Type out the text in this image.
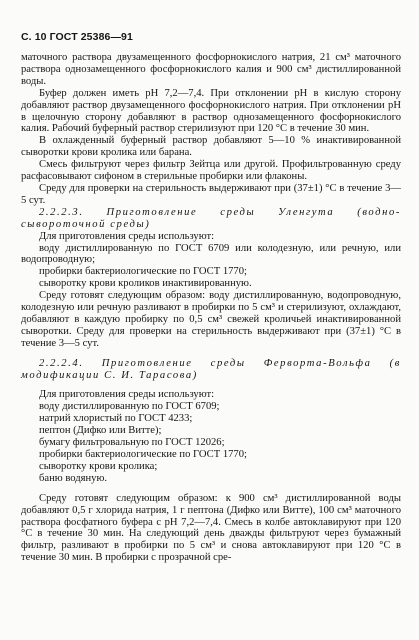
С. 10 ГОСТ 25386—91

маточного раствора двузамещенного фосфорнокислого натрия, 21 см³ маточного раствора однозамещенного фосфорнокислого калия и 900 см³ дистиллированной воды.

Буфер должен иметь рН 7,2—7,4. При отклонении рН в кислую сторону добавляют раствор двузамещенного фосфорнокислого натрия. При отклонении рН в щелочную сторону добавляют в раствор однозамещенного фосфорнокислого калия. Рабочий буферный раствор стерилизуют при 120 °С в течение 30 мин.

В охлажденный буферный раствор добавляют 5—10 % инактивированной сыворотки крови кролика или барана.

Смесь фильтруют через фильтр Зейтца или другой. Профильтрованную среду расфасовывают сифоном в стерильные пробирки или флаконы.

Среду для проверки на стерильность выдерживают при (37±1) °С в течение 3—5 сут.

2.2.2.3. Приготовление среды Уленгута (водно-сывороточной среды)

Для приготовления среды используют:

воду дистиллированную по ГОСТ 6709 или колодезную, или речную, или водопроводную;

пробирки бактериологические по ГОСТ 1770;

сыворотку крови кроликов инактивированную.

Среду готовят следующим образом: воду дистиллированную, водопроводную, колодезную или речную разливают в пробирки по 5 см³ и стерилизуют, охлаждают, добавляют в каждую пробирку по 0,5 см³ свежей кроличьей инактивированной сыворотки. Среду для проверки на стерильность выдерживают при (37±1) °С в течение 3—5 сут.

2.2.2.4. Приготовление среды Ферворта-Вольфа (в модификации С. И. Тарасова)

Для приготовления среды используют:

воду дистиллированную по ГОСТ 6709;

натрий хлористый по ГОСТ 4233;

пептон (Дифко или Витте);

бумагу фильтровальную по ГОСТ 12026;

пробирки бактериологические по ГОСТ 1770;

сыворотку крови кролика;

баню водяную.

Среду готовят следующим образом: к 900 см³ дистиллированной воды добавляют 0,5 г хлорида натрия, 1 г пептона (Дифко или Витте), 100 см³ маточного раствора фосфатного буфера с рН 7,2—7,4. Смесь в колбе автоклавируют при 120 °С в течение 30 мин. На следующий день дважды фильтруют через бумажный фильтр, разливают в пробирки по 5 см³ и снова автоклавируют при 120 °С в течение 30 мин. В пробирки с прозрачной сре-
